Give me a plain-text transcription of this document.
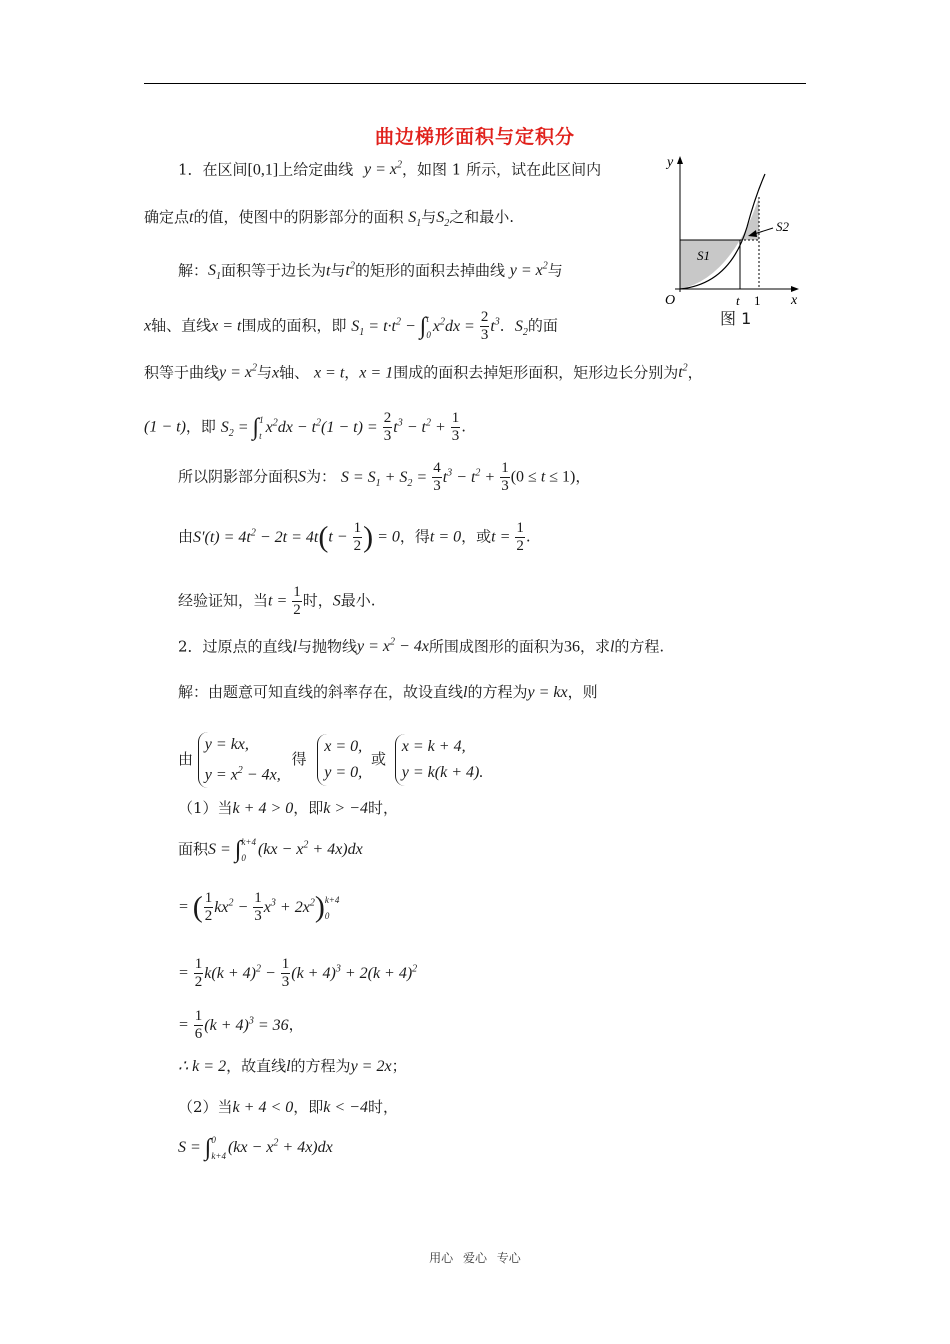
曲边梯形面积与定积分
y
x
O	t 1
S1
S2
图 1
1．在区间[0,1]上给定曲线 $y = x^2$，如图 1 所示，试在此区间内
确定点t的值，使图中的阴影部分的面积 $S_1$与$S_2$之和最小.
解：$S_1$面积等于边长为t与$t^2$的矩形的面积去掉曲线 $y = x^2$与
x轴、直线x = t围成的面积，即 $S_1 = t\cdot t^2$ − ∫ t
0 $x^2dx = \frac{2}{3} t^3$．$S_2$的面
积等于曲线$y = x^2$与x轴、 x = t，x = 1围成的面积去掉矩形面积，矩形边长分别为$t^2$，
(1 − t)，即 $S_2$ = ∫ 1
t $x^2dx - t^2(1 - t) = \frac{2}{3} t^3 - t^2 + \frac{1}{3}$ .
所以阴影部分面积S为： $S = S_1 + S_2 = \frac{4}{3} t^3 - t^2 + \frac{1}{3} (0 \le t \le 1)$，
由$S'(t) = 4t^2 - 2t = 4t(t - \frac{1}{2}$ ) = 0，得t = 0，或$t = \frac{1}{2}$ .
经验证知，当$t = \frac{1}{2}$ 时，S最小.
2．过原点的直线l与抛物线$y = x^2 - 4x$所围成图形的面积为36，求l的方程.
解：由题意可知直线的斜率存在，故设直线l的方程为y = kx，则
由
y = kx,
$y = x^2 - 4x$,
得
x = 0,
y = 0,
或
x = k + 4,
y = k(k + 4).
（1）当k + 4 > 0，即k > −4时，
面积S = ∫ k+4
0 $(kx - x^2 + 4x)dx$
= ( $\frac{1}{2} kx^2 - \frac{1}{3} x^3 + 2x^2$) k+4
0
= $\frac{1}{2} k(k + 4)^2 - \frac{1}{3} (k + 4)^3 + 2(k + 4)^2$
= $\frac{1}{6} (k + 4)^3 = 36$，
∴ k = 2，故直线l的方程为y = 2x；
（2）当k + 4 < 0，即k < −4时，
S = ∫ 0
k+4 $(kx - x^2 + 4x)dx$
用心 爱心 专心
